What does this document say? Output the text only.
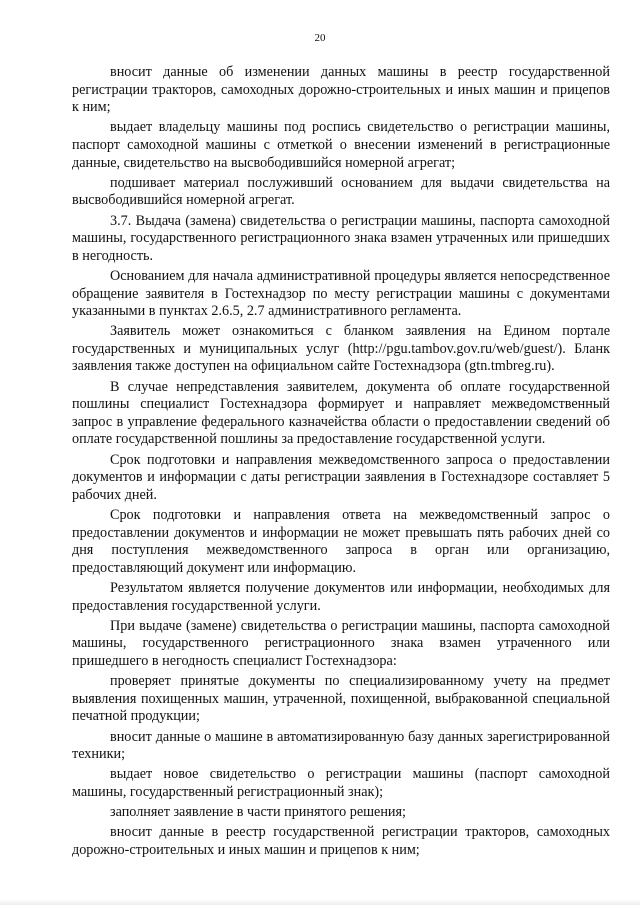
20

вносит данные об изменении данных машины в реестр государственной регистрации тракторов, самоходных дорожно-строительных и иных машин и прицепов к ним;

выдает владельцу машины под роспись свидетельство о регистрации машины, паспорт самоходной машины с отметкой о внесении изменений в регистрационные данные, свидетельство на высвободившийся номерной агрегат;

подшивает материал послуживший основанием для выдачи свидетельства на высвободившийся номерной агрегат.

3.7. Выдача (замена) свидетельства о регистрации машины, паспорта самоходной машины, государственного регистрационного знака взамен утраченных или пришедших в негодность.

Основанием для начала административной процедуры является непосредственное обращение заявителя в Гостехнадзор по месту регистрации машины с документами указанными в пунктах 2.6.5, 2.7 административного регламента.

Заявитель может ознакомиться с бланком заявления на Едином портале государственных и муниципальных услуг (http://pgu.tambov.gov.ru/web/guest/). Бланк заявления также доступен на официальном сайте Гостехнадзора (gtn.tmbreg.ru).

В случае непредставления заявителем, документа об оплате государственной пошлины специалист Гостехнадзора формирует и направляет межведомственный запрос в управление федерального казначейства области о предоставлении сведений об оплате государственной пошлины за предоставление государственной услуги.

Срок подготовки и направления межведомственного запроса о предоставлении документов и информации с даты регистрации заявления в Гостехнадзоре составляет 5 рабочих дней.

Срок подготовки и направления ответа на межведомственный запрос о предоставлении документов и информации не может превышать пять рабочих дней со дня поступления межведомственного запроса в орган или организацию, предоставляющий документ или информацию.

Результатом является получение документов или информации, необходимых для предоставления государственной услуги.

При выдаче (замене) свидетельства о регистрации машины, паспорта самоходной машины, государственного регистрационного знака взамен утраченного или пришедшего в негодность специалист Гостехнадзора:

проверяет принятые документы по специализированному учету на предмет выявления похищенных машин, утраченной, похищенной, выбракованной специальной печатной продукции;

вносит данные о машине в автоматизированную базу данных зарегистрированной техники;

выдает новое свидетельство о регистрации машины (паспорт самоходной машины, государственный регистрационный знак);

заполняет заявление в части принятого решения;

вносит данные в реестр государственной регистрации тракторов, самоходных дорожно-строительных и иных машин и прицепов к ним;
